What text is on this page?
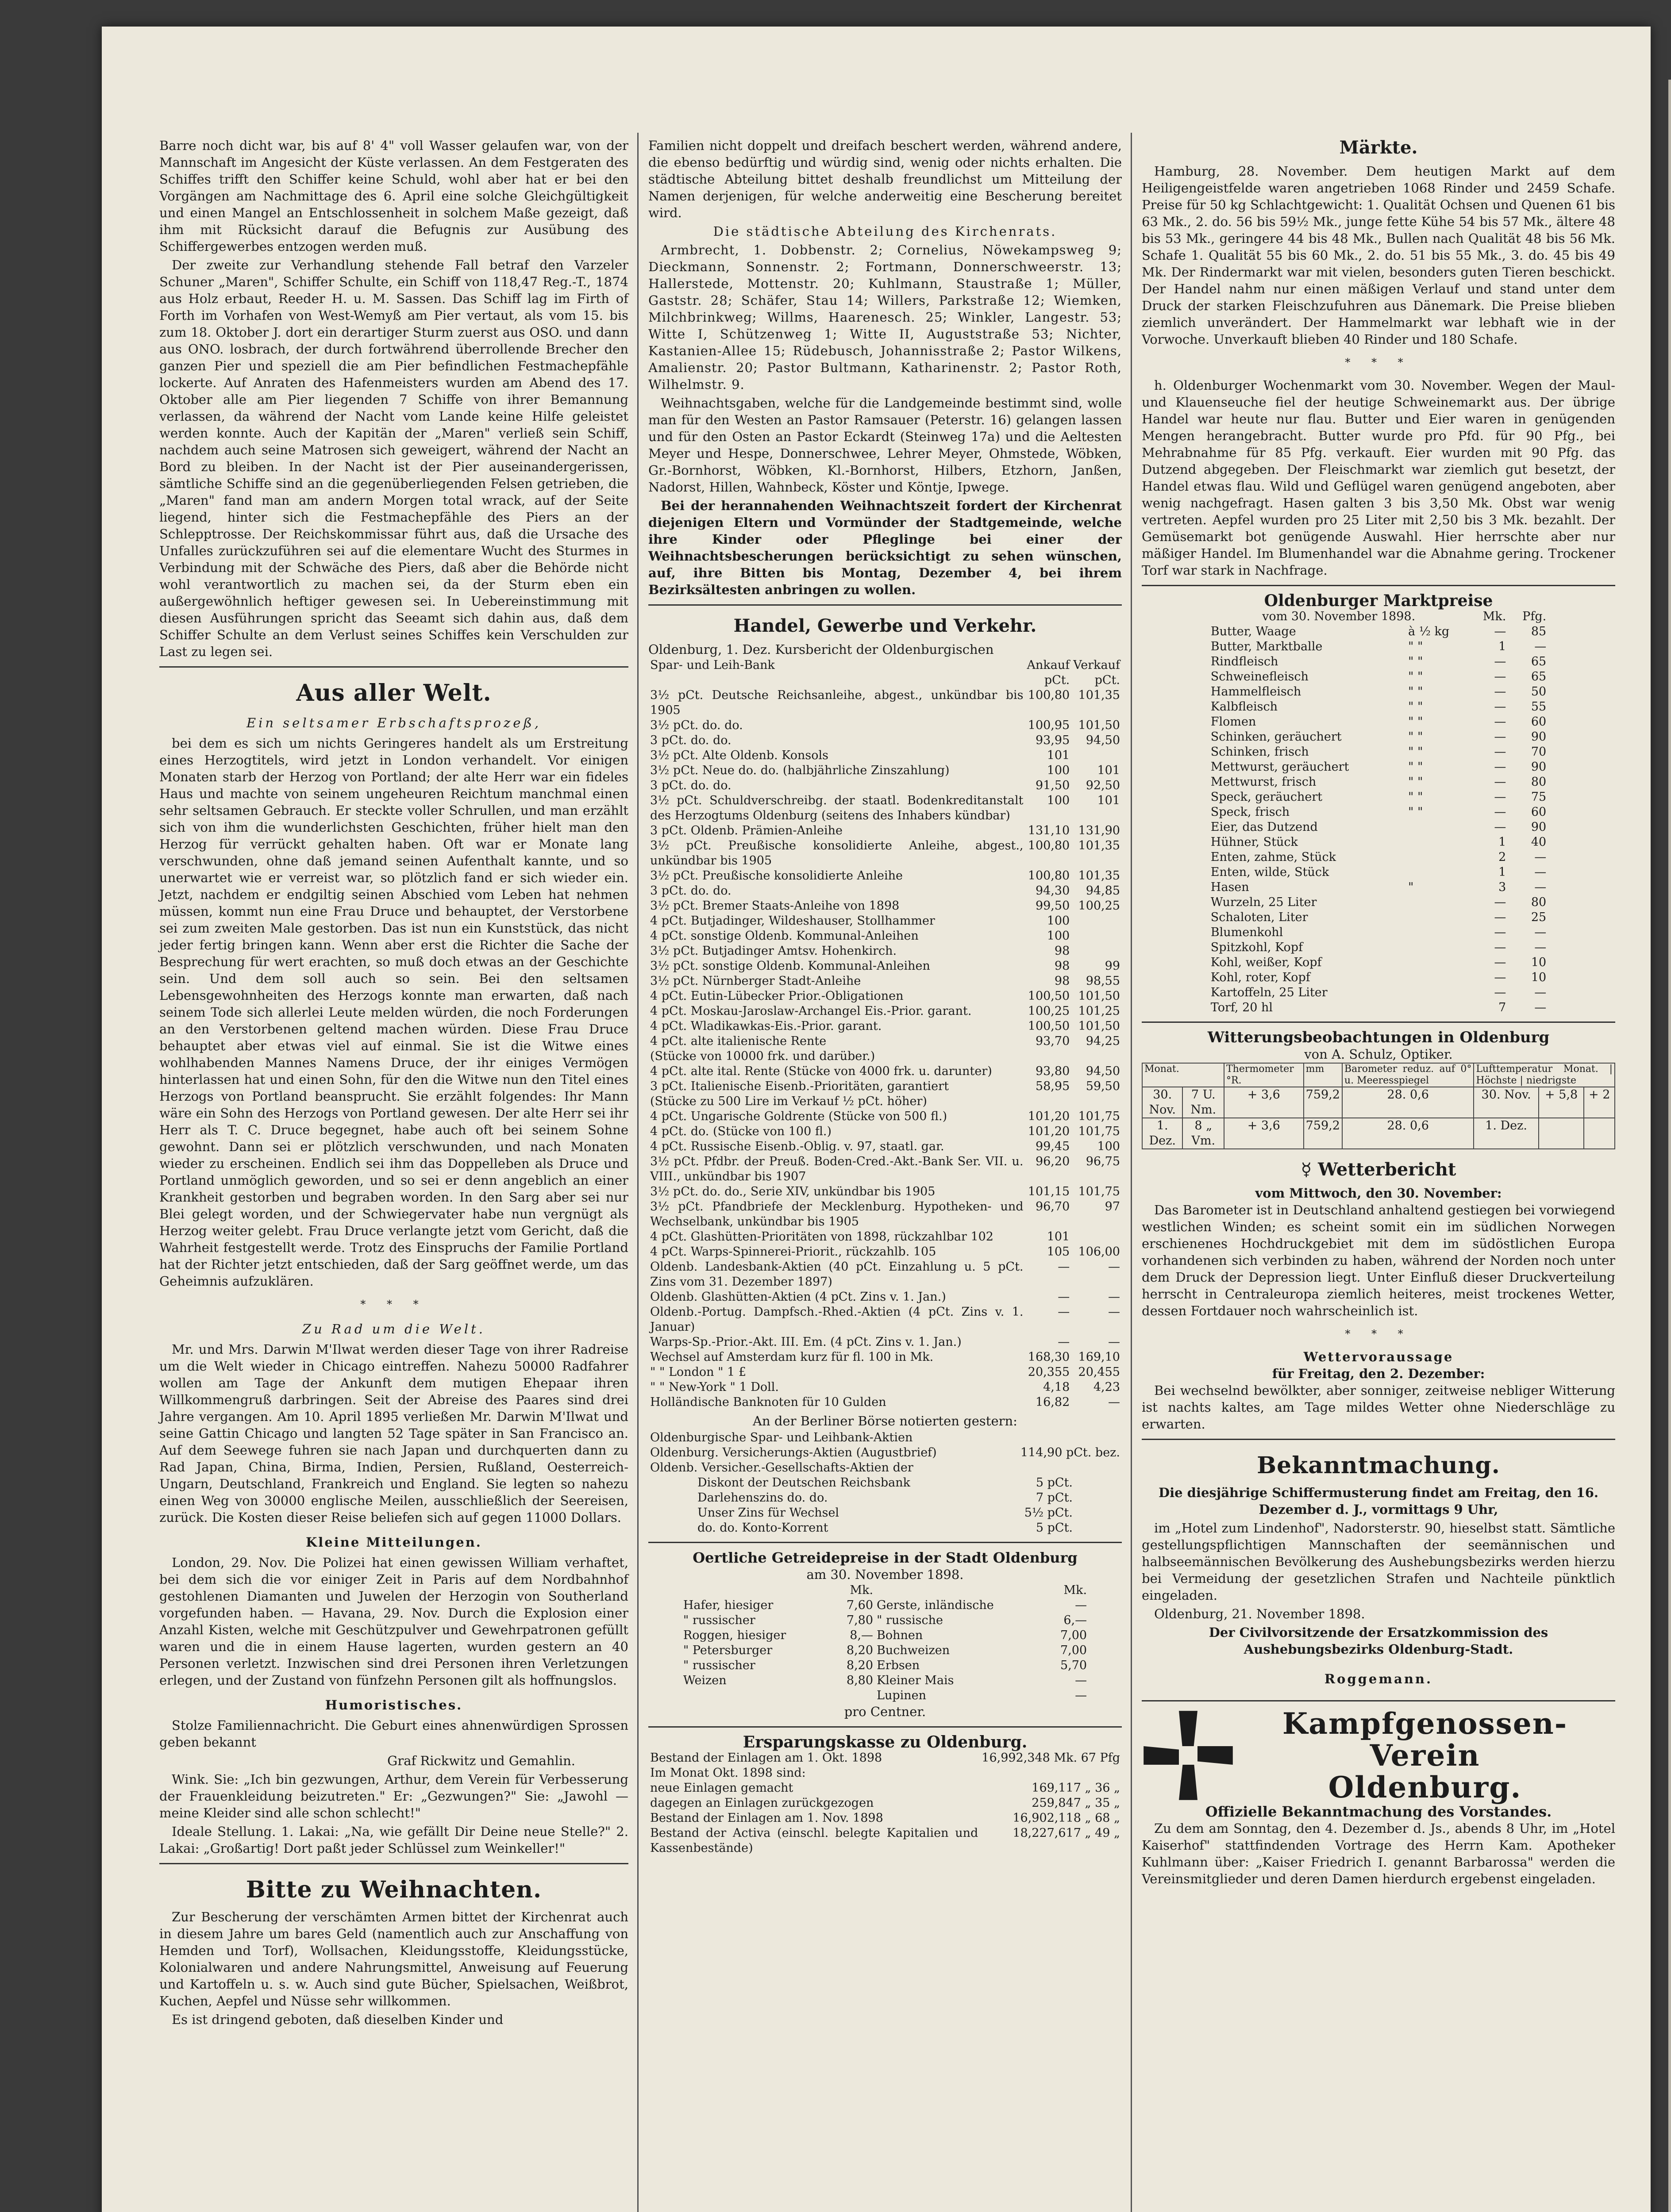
Barre noch dicht war, bis auf 8' 4" voll Wasser gelaufen war, von der Mannschaft im Angesicht der Küste verlassen. An dem Festgeraten des Schiffes trifft den Schiffer keine Schuld, wohl aber hat er bei den Vorgängen am Nachmittage des 6. April eine solche Gleichgültigkeit und einen Mangel an Entschlossenheit in solchem Maße gezeigt, daß ihm mit Rücksicht darauf die Befugnis zur Ausübung des Schiffergewerbes entzogen werden muß.

Der zweite zur Verhandlung stehende Fall betraf den Varzeler Schuner „Maren", Schiffer Schulte, ein Schiff von 118,47 Reg.-T., 1874 aus Holz erbaut, Reeder H. u. M. Sassen. Das Schiff lag im Firth of Forth im Vorhafen von West-Wemyß am Pier vertaut, als vom 15. bis zum 18. Oktober J. dort ein derartiger Sturm zuerst aus OSO. und dann aus ONO. losbrach, der durch fortwährend überrollende Brecher den ganzen Pier und speziell die am Pier befindlichen Festmachepfähle lockerte. Auf Anraten des Hafenmeisters wurden am Abend des 17. Oktober alle am Pier liegenden 7 Schiffe von ihrer Bemannung verlassen, da während der Nacht vom Lande keine Hilfe geleistet werden konnte. Auch der Kapitän der „Maren" verließ sein Schiff, nachdem auch seine Matrosen sich geweigert, während der Nacht an Bord zu bleiben. In der Nacht ist der Pier auseinandergerissen, sämtliche Schiffe sind an die gegenüberliegenden Felsen getrieben, die „Maren" fand man am andern Morgen total wrack, auf der Seite liegend, hinter sich die Festmachepfähle des Piers an der Schlepptrosse. Der Reichskommissar führt aus, daß die Ursache des Unfalles zurückzuführen sei auf die elementare Wucht des Sturmes in Verbindung mit der Schwäche des Piers, daß aber die Behörde nicht wohl verantwortlich zu machen sei, da der Sturm eben ein außergewöhnlich heftiger gewesen sei. In Uebereinstimmung mit diesen Ausführungen spricht das Seeamt sich dahin aus, daß dem Schiffer Schulte an dem Verlust seines Schiffes kein Verschulden zur Last zu legen sei.

Aus aller Welt.
Ein seltsamer Erbschaftsprozeß,

bei dem es sich um nichts Geringeres handelt als um Erstreitung eines Herzogtitels, wird jetzt in London verhandelt. Vor einigen Monaten starb der Herzog von Portland; der alte Herr war ein fideles Haus und machte von seinem ungeheuren Reichtum manchmal einen sehr seltsamen Gebrauch. Er steckte voller Schrullen, und man erzählt sich von ihm die wunderlichsten Geschichten, früher hielt man den Herzog für verrückt gehalten haben. Oft war er Monate lang verschwunden, ohne daß jemand seinen Aufenthalt kannte, und so unerwartet wie er verreist war, so plötzlich fand er sich wieder ein. Jetzt, nachdem er endgiltig seinen Abschied vom Leben hat nehmen müssen, kommt nun eine Frau Druce und behauptet, der Verstorbene sei zum zweiten Male gestorben. Das ist nun ein Kunststück, das nicht jeder fertig bringen kann. Wenn aber erst die Richter die Sache der Besprechung für wert erachten, so muß doch etwas an der Geschichte sein. Und dem soll auch so sein. Bei den seltsamen Lebensgewohnheiten des Herzogs konnte man erwarten, daß nach seinem Tode sich allerlei Leute melden würden, die noch Forderungen an den Verstorbenen geltend machen würden. Diese Frau Druce behauptet aber etwas viel auf einmal. Sie ist die Witwe eines wohlhabenden Mannes Namens Druce, der ihr einiges Vermögen hinterlassen hat und einen Sohn, für den die Witwe nun den Titel eines Herzogs von Portland beansprucht. Sie erzählt folgendes: Ihr Mann wäre ein Sohn des Herzogs von Portland gewesen. Der alte Herr sei ihr Herr als T. C. Druce begegnet, habe auch oft bei seinem Sohne gewohnt. Dann sei er plötzlich verschwunden, und nach Monaten wieder zu erscheinen. Endlich sei ihm das Doppelleben als Druce und Portland unmöglich geworden, und so sei er denn angeblich an einer Krankheit gestorben und begraben worden. In den Sarg aber sei nur Blei gelegt worden, und der Schwiegervater habe nun vergnügt als Herzog weiter gelebt. Frau Druce verlangte jetzt vom Gericht, daß die Wahrheit festgestellt werde. Trotz des Einspruchs der Familie Portland hat der Richter jetzt entschieden, daß der Sarg geöffnet werde, um das Geheimnis aufzuklären.

* * *
Zu Rad um die Welt.

Mr. und Mrs. Darwin M'Ilwat werden dieser Tage von ihrer Radreise um die Welt wieder in Chicago eintreffen. Nahezu 50000 Radfahrer wollen am Tage der Ankunft dem mutigen Ehepaar ihren Willkommengruß darbringen. Seit der Abreise des Paares sind drei Jahre vergangen. Am 10. April 1895 verließen Mr. Darwin M'Ilwat und seine Gattin Chicago und langten 52 Tage später in San Francisco an. Auf dem Seewege fuhren sie nach Japan und durchquerten dann zu Rad Japan, China, Birma, Indien, Persien, Rußland, Oesterreich-Ungarn, Deutschland, Frankreich und England. Sie legten so nahezu einen Weg von 30000 englische Meilen, ausschließlich der Seereisen, zurück. Die Kosten dieser Reise beliefen sich auf gegen 11000 Dollars.

Kleine Mitteilungen.

London, 29. Nov. Die Polizei hat einen gewissen William verhaftet, bei dem sich die vor einiger Zeit in Paris auf dem Nordbahnhof gestohlenen Diamanten und Juwelen der Herzogin von Southerland vorgefunden haben. — Havana, 29. Nov. Durch die Explosion einer Anzahl Kisten, welche mit Geschützpulver und Gewehrpatronen gefüllt waren und die in einem Hause lagerten, wurden gestern an 40 Personen verletzt. Inzwischen sind drei Personen ihren Verletzungen erlegen, und der Zustand von fünfzehn Personen gilt als hoffnungslos.

Humoristisches.

Stolze Familiennachricht. Die Geburt eines ahnenwürdigen Sprossen geben bekannt

Graf Rickwitz und Gemahlin.

Wink. Sie: „Ich bin gezwungen, Arthur, dem Verein für Verbesserung der Frauenkleidung beizutreten." Er: „Gezwungen?" Sie: „Jawohl — meine Kleider sind alle schon schlecht!"

Ideale Stellung. 1. Lakai: „Na, wie gefällt Dir Deine neue Stelle?" 2. Lakai: „Großartig! Dort paßt jeder Schlüssel zum Weinkeller!"

Bitte zu Weihnachten.

Zur Bescherung der verschämten Armen bittet der Kirchenrat auch in diesem Jahre um bares Geld (namentlich auch zur Anschaffung von Hemden und Torf), Wollsachen, Kleidungsstoffe, Kleidungsstücke, Kolonialwaren und andere Nahrungsmittel, Anweisung auf Feuerung und Kartoffeln u. s. w. Auch sind gute Bücher, Spielsachen, Weißbrot, Kuchen, Aepfel und Nüsse sehr willkommen.

Es ist dringend geboten, daß dieselben Kinder und

Familien nicht doppelt und dreifach beschert werden, während andere, die ebenso bedürftig und würdig sind, wenig oder nichts erhalten. Die städtische Abteilung bittet deshalb freundlichst um Mitteilung der Namen derjenigen, für welche anderweitig eine Bescherung bereitet wird.

Die städtische Abteilung des Kirchenrats.

Armbrecht, 1. Dobbenstr. 2; Cornelius, Nöwekampsweg 9; Dieckmann, Sonnenstr. 2; Fortmann, Donnerschweerstr. 13; Hallerstede, Mottenstr. 20; Kuhlmann, Staustraße 1; Müller, Gaststr. 28; Schäfer, Stau 14; Willers, Parkstraße 12; Wiemken, Milchbrinkweg; Willms, Haarenesch. 25; Winkler, Langestr. 53; Witte I, Schützenweg 1; Witte II, Auguststraße 53; Nichter, Kastanien-Allee 15; Rüdebusch, Johannisstraße 2; Pastor Wilkens, Amalienstr. 20; Pastor Bultmann, Katharinenstr. 2; Pastor Roth, Wilhelmstr. 9.

Weihnachtsgaben, welche für die Landgemeinde bestimmt sind, wolle man für den Westen an Pastor Ramsauer (Peterstr. 16) gelangen lassen und für den Osten an Pastor Eckardt (Steinweg 17a) und die Aeltesten Meyer und Hespe, Donnerschwee, Lehrer Meyer, Ohmstede, Wöbken, Gr.-Bornhorst, Wöbken, Kl.-Bornhorst, Hilbers, Etzhorn, Janßen, Nadorst, Hillen, Wahnbeck, Köster und Köntje, Ipwege.

Bei der herannahenden Weihnachtszeit fordert der Kirchenrat diejenigen Eltern und Vormünder der Stadtgemeinde, welche ihre Kinder oder Pfleglinge bei einer der Weihnachtsbescherungen berücksichtigt zu sehen wünschen, auf, ihre Bitten bis Montag, Dezember 4, bei ihrem Bezirksältesten anbringen zu wollen.

Handel, Gewerbe und Verkehr.
Oldenburg, 1. Dez. Kursbericht der Oldenburgischen
Spar- und Leih-Bank	Ankauf	Verkauf
	pCt.	pCt.
3½ pCt. Deutsche Reichsanleihe, abgest., unkündbar bis 1905	100,80	101,35
3½ pCt. do. do.	100,95	101,50
3 pCt. do. do.	93,95	94,50
3½ pCt. Alte Oldenb. Konsols	101	
3½ pCt. Neue do. do. (halbjährliche Zinszahlung)	100	101
3 pCt. do. do.	91,50	92,50
3½ pCt. Schuldverschreibg. der staatl. Bodenkreditanstalt des Herzogtums Oldenburg (seitens des Inhabers kündbar)	100	101
3 pCt. Oldenb. Prämien-Anleihe	131,10	131,90
3½ pCt. Preußische konsolidierte Anleihe, abgest., unkündbar bis 1905	100,80	101,35
3½ pCt. Preußische konsolidierte Anleihe	100,80	101,35
3 pCt. do. do.	94,30	94,85
3½ pCt. Bremer Staats-Anleihe von 1898	99,50	100,25
4 pCt. Butjadinger, Wildeshauser, Stollhammer	100	
4 pCt. sonstige Oldenb. Kommunal-Anleihen	100	
3½ pCt. Butjadinger Amtsv. Hohenkirch.	98	
3½ pCt. sonstige Oldenb. Kommunal-Anleihen	98	99
3½ pCt. Nürnberger Stadt-Anleihe	98	98,55
4 pCt. Eutin-Lübecker Prior.-Obligationen	100,50	101,50
4 pCt. Moskau-Jaroslaw-Archangel Eis.-Prior. garant.	100,25	101,25
4 pCt. Wladikawkas-Eis.-Prior. garant.	100,50	101,50
4 pCt. alte italienische Rente	93,70	94,25
(Stücke von 10000 frk. und darüber.)		
4 pCt. alte ital. Rente (Stücke von 4000 frk. u. darunter)	93,80	94,50
3 pCt. Italienische Eisenb.-Prioritäten, garantiert	58,95	59,50
(Stücke zu 500 Lire im Verkauf ½ pCt. höher)		
4 pCt. Ungarische Goldrente (Stücke von 500 fl.)	101,20	101,75
4 pCt. do. (Stücke von 100 fl.)	101,20	101,75
4 pCt. Russische Eisenb.-Oblig. v. 97, staatl. gar.	99,45	100
3½ pCt. Pfdbr. der Preuß. Boden-Cred.-Akt.-Bank Ser. VII. u. VIII., unkündbar bis 1907	96,20	96,75
3½ pCt. do. do., Serie XIV, unkündbar bis 1905	101,15	101,75
3½ pCt. Pfandbriefe der Mecklenburg. Hypotheken- und Wechselbank, unkündbar bis 1905	96,70	97
4 pCt. Glashütten-Prioritäten von 1898, rückzahlbar 102	101	
4 pCt. Warps-Spinnerei-Priorit., rückzahlb. 105	105	106,00
Oldenb. Landesbank-Aktien (40 pCt. Einzahlung u. 5 pCt. Zins vom 31. Dezember 1897)	—	—
Oldenb. Glashütten-Aktien (4 pCt. Zins v. 1. Jan.)	—	—
Oldenb.-Portug. Dampfsch.-Rhed.-Aktien (4 pCt. Zins v. 1. Januar)	—	—
Warps-Sp.-Prior.-Akt. III. Em. (4 pCt. Zins v. 1. Jan.)	—	—
Wechsel auf Amsterdam kurz für fl. 100 in Mk.	168,30	169,10
" " London " 1 £	20,355	20,455
" " New-York " 1 Doll.	4,18	4,23
Holländische Banknoten für 10 Gulden	16,82	—

An der Berliner Börse notierten gestern:

Oldenburgische Spar- und Leihbank-Aktien	
Oldenburg. Versicherungs-Aktien (Augustbrief)	114,90 pCt. bez.
Oldenb. Versicher.-Gesellschafts-Aktien der	
Diskont der Deutschen Reichsbank	5 pCt.
Darlehenszins do. do.	7 pCt.
Unser Zins für Wechsel	5½ pCt.
do. do. Konto-Korrent	5 pCt.
Oertliche Getreidepreise in der Stadt Oldenburg
am 30. November 1898.
	Mk.		Mk.
Hafer, hiesiger	7,60	Gerste, inländische	—
" russischer	7,80	" russische	6,—
Roggen, hiesiger	8,—	Bohnen	7,00
" Petersburger	8,20	Buchweizen	7,00
" russischer	8,20	Erbsen	5,70
Weizen	8,80	Kleiner Mais	—
		Lupinen	—
pro Centner.
Ersparungskasse zu Oldenburg.
Bestand der Einlagen am 1. Okt. 1898	16,992,348 Mk. 67 Pfg
Im Monat Okt. 1898 sind:	
neue Einlagen gemacht	169,117 „ 36 „
dagegen an Einlagen zurückgezogen	259,847 „ 35 „
Bestand der Einlagen am 1. Nov. 1898	16,902,118 „ 68 „
Bestand der Activa (einschl. belegte Kapitalien und Kassenbestände)	18,227,617 „ 49 „
Märkte.

Hamburg, 28. November. Dem heutigen Markt auf dem Heiligengeistfelde waren angetrieben 1068 Rinder und 2459 Schafe. Preise für 50 kg Schlachtgewicht: 1. Qualität Ochsen und Quenen 61 bis 63 Mk., 2. do. 56 bis 59½ Mk., junge fette Kühe 54 bis 57 Mk., ältere 48 bis 53 Mk., geringere 44 bis 48 Mk., Bullen nach Qualität 48 bis 56 Mk. Schafe 1. Qualität 55 bis 60 Mk., 2. do. 51 bis 55 Mk., 3. do. 45 bis 49 Mk. Der Rindermarkt war mit vielen, besonders guten Tieren beschickt. Der Handel nahm nur einen mäßigen Verlauf und stand unter dem Druck der starken Fleischzufuhren aus Dänemark. Die Preise blieben ziemlich unverändert. Der Hammelmarkt war lebhaft wie in der Vorwoche. Unverkauft blieben 40 Rinder und 180 Schafe.

* * *

h. Oldenburger Wochenmarkt vom 30. November. Wegen der Maul- und Klauenseuche fiel der heutige Schweinemarkt aus. Der übrige Handel war heute nur flau. Butter und Eier waren in genügenden Mengen herangebracht. Butter wurde pro Pfd. für 90 Pfg., bei Mehrabnahme für 85 Pfg. verkauft. Eier wurden mit 90 Pfg. das Dutzend abgegeben. Der Fleischmarkt war ziemlich gut besetzt, der Handel etwas flau. Wild und Geflügel waren genügend angeboten, aber wenig nachgefragt. Hasen galten 3 bis 3,50 Mk. Obst war wenig vertreten. Aepfel wurden pro 25 Liter mit 2,50 bis 3 Mk. bezahlt. Der Gemüsemarkt bot genügende Auswahl. Hier herrschte aber nur mäßiger Handel. Im Blumenhandel war die Abnahme gering. Trockener Torf war stark in Nachfrage.

Oldenburger Marktpreise
vom 30. November 1898.		Mk.	Pfg.
Butter, Waage	à ½ kg	—	85
Butter, Marktballe	" "	1	—
Rindfleisch	" "	—	65
Schweinefleisch	" "	—	65
Hammelfleisch	" "	—	50
Kalbfleisch	" "	—	55
Flomen	" "	—	60
Schinken, geräuchert	" "	—	90
Schinken, frisch	" "	—	70
Mettwurst, geräuchert	" "	—	90
Mettwurst, frisch	" "	—	80
Speck, geräuchert	" "	—	75
Speck, frisch	" "	—	60
Eier, das Dutzend		—	90
Hühner, Stück		1	40
Enten, zahme, Stück		2	—
Enten, wilde, Stück		1	—
Hasen	"	3	—
Wurzeln, 25 Liter		—	80
Schaloten, Liter		—	25
Blumenkohl		—	—
Spitzkohl, Kopf		—	—
Kohl, weißer, Kopf		—	10
Kohl, roter, Kopf		—	10
Kartoffeln, 25 Liter		—	—
Torf, 20 hl		7	—
Witterungsbeobachtungen in Oldenburg
von A. Schulz, Optiker.
Monat.		Thermometer °R.	mm	Barometer reduz. auf 0° u. Meeresspiegel	Lufttemperatur Monat. | Höchste | niedrigste		
30. Nov.	7 U. Nm.	+ 3,6	759,2	28. 0,6	30. Nov.	+ 5,8	+ 2
1. Dez.	8 „ Vm.	+ 3,6	759,2	28. 0,6	1. Dez.		
☿ Wetterbericht
vom Mittwoch, den 30. November:

Das Barometer ist in Deutschland anhaltend gestiegen bei vorwiegend westlichen Winden; es scheint somit ein im südlichen Norwegen erschienenes Hochdruckgebiet mit dem im südöstlichen Europa vorhandenen sich verbinden zu haben, während der Norden noch unter dem Druck der Depression liegt. Unter Einfluß dieser Druckverteilung herrscht in Centraleuropa ziemlich heiteres, meist trockenes Wetter, dessen Fortdauer noch wahrscheinlich ist.

* * *
Wettervoraussage
für Freitag, den 2. Dezember:

Bei wechselnd bewölkter, aber sonniger, zeitweise nebliger Witterung ist nachts kaltes, am Tage mildes Wetter ohne Niederschläge zu erwarten.

Bekanntmachung.

Die diesjährige Schiffermusterung findet am Freitag, den 16. Dezember d. J., vormittags 9 Uhr,

im „Hotel zum Lindenhof", Nadorsterstr. 90, hieselbst statt. Sämtliche gestellungspflichtigen Mannschaften der seemännischen und halbseemännischen Bevölkerung des Aushebungsbezirks werden hierzu bei Vermeidung der gesetzlichen Strafen und Nachteile pünktlich eingeladen.

Oldenburg, 21. November 1898.

Der Civilvorsitzende der Ersatzkommission des Aushebungsbezirks Oldenburg-Stadt.

Roggemann.

Kampfgenossen-Verein
Oldenburg.
Offizielle Bekanntmachung des Vorstandes.

Zu dem am Sonntag, den 4. Dezember d. Js., abends 8 Uhr, im „Hotel Kaiserhof" stattfindenden Vortrage des Herrn Kam. Apotheker Kuhlmann über: „Kaiser Friedrich I. genannt Barbarossa" werden die Vereinsmitglieder und deren Damen hierdurch ergebenst eingeladen.
